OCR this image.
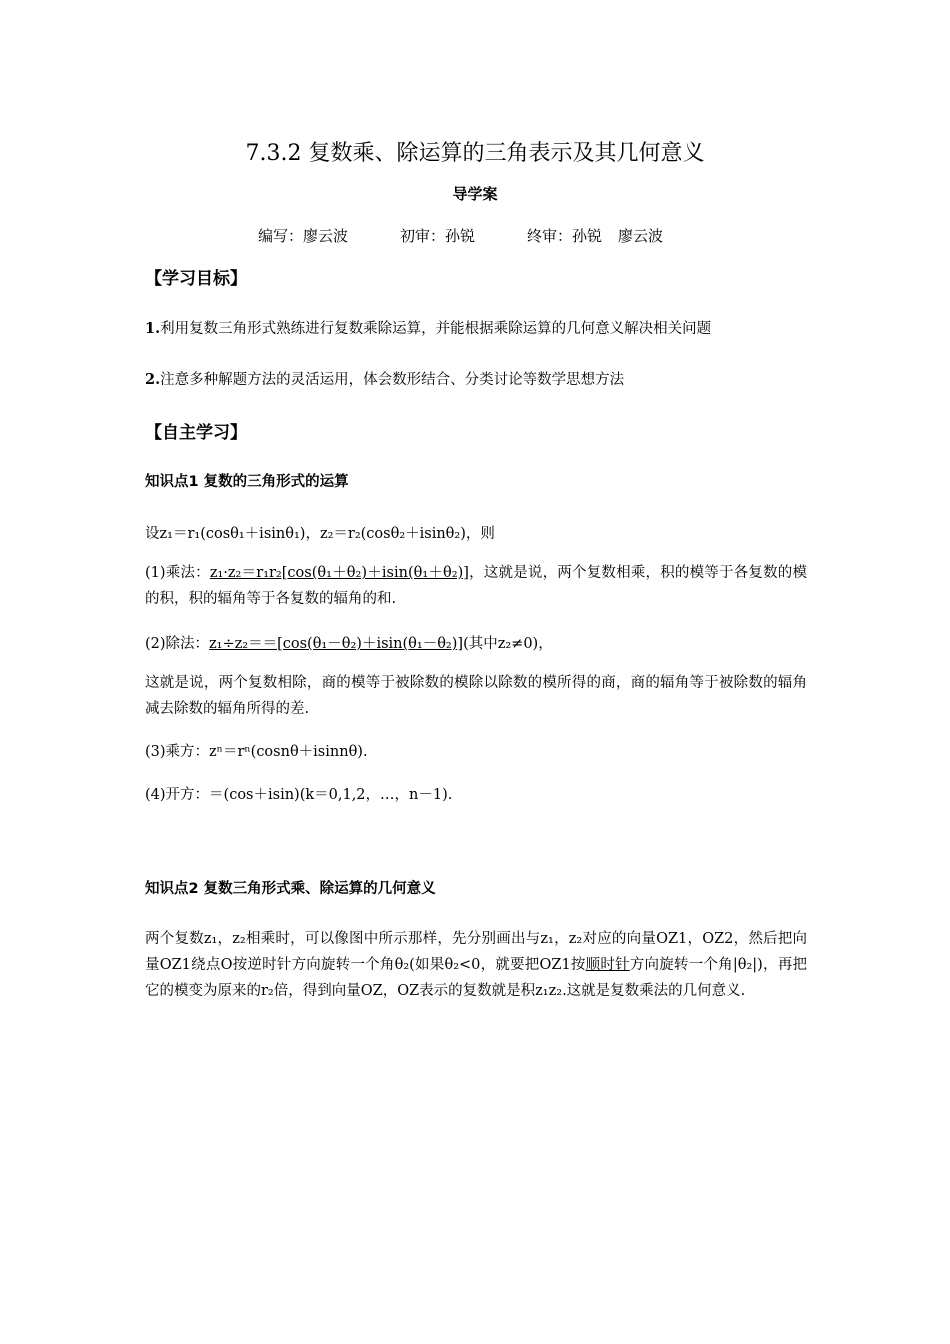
7.3.2 复数乘、除运算的三角表示及其几何意义
导学案
编写：廖云波	初审：孙锐	终审：孙锐 廖云波
【学习目标】
1.利用复数三角形式熟练进行复数乘除运算，并能根据乘除运算的几何意义解决相关问题
2.注意多种解题方法的灵活运用，体会数形结合、分类讨论等数学思想方法
【自主学习】
知识点1 复数的三角形式的运算
设z₁＝r₁(cosθ₁＋isinθ₁)，z₂＝r₂(cosθ₂＋isinθ₂)，则
(1)乘法：z₁·z₂＝r₁r₂[cos(θ₁＋θ₂)＋isin(θ₁＋θ₂)]，这就是说，两个复数相乘，积的模等于各复数的模的积，积的辐角等于各复数的辐角的和.
(2)除法：z₁÷z₂＝＝[cos(θ₁－θ₂)＋isin(θ₁－θ₂)](其中z₂≠0)，
这就是说，两个复数相除，商的模等于被除数的模除以除数的模所得的商，商的辐角等于被除数的辐角减去除数的辐角所得的差.
(3)乘方：zⁿ＝rⁿ(cosnθ＋isinnθ).
(4)开方：＝(cos＋isin)(k＝0,1,2，…，n－1).
知识点2 复数三角形式乘、除运算的几何意义
两个复数z₁，z₂相乘时，可以像图中所示那样，先分别画出与z₁，z₂对应的向量OZ1，OZ2，然后把向量OZ1绕点O按逆时针方向旋转一个角θ₂(如果θ₂<0，就要把OZ1按顺时针方向旋转一个角|θ₂|)，再把它的模变为原来的r₂倍，得到向量OZ，OZ表示的复数就是积z₁z₂.这就是复数乘法的几何意义.
